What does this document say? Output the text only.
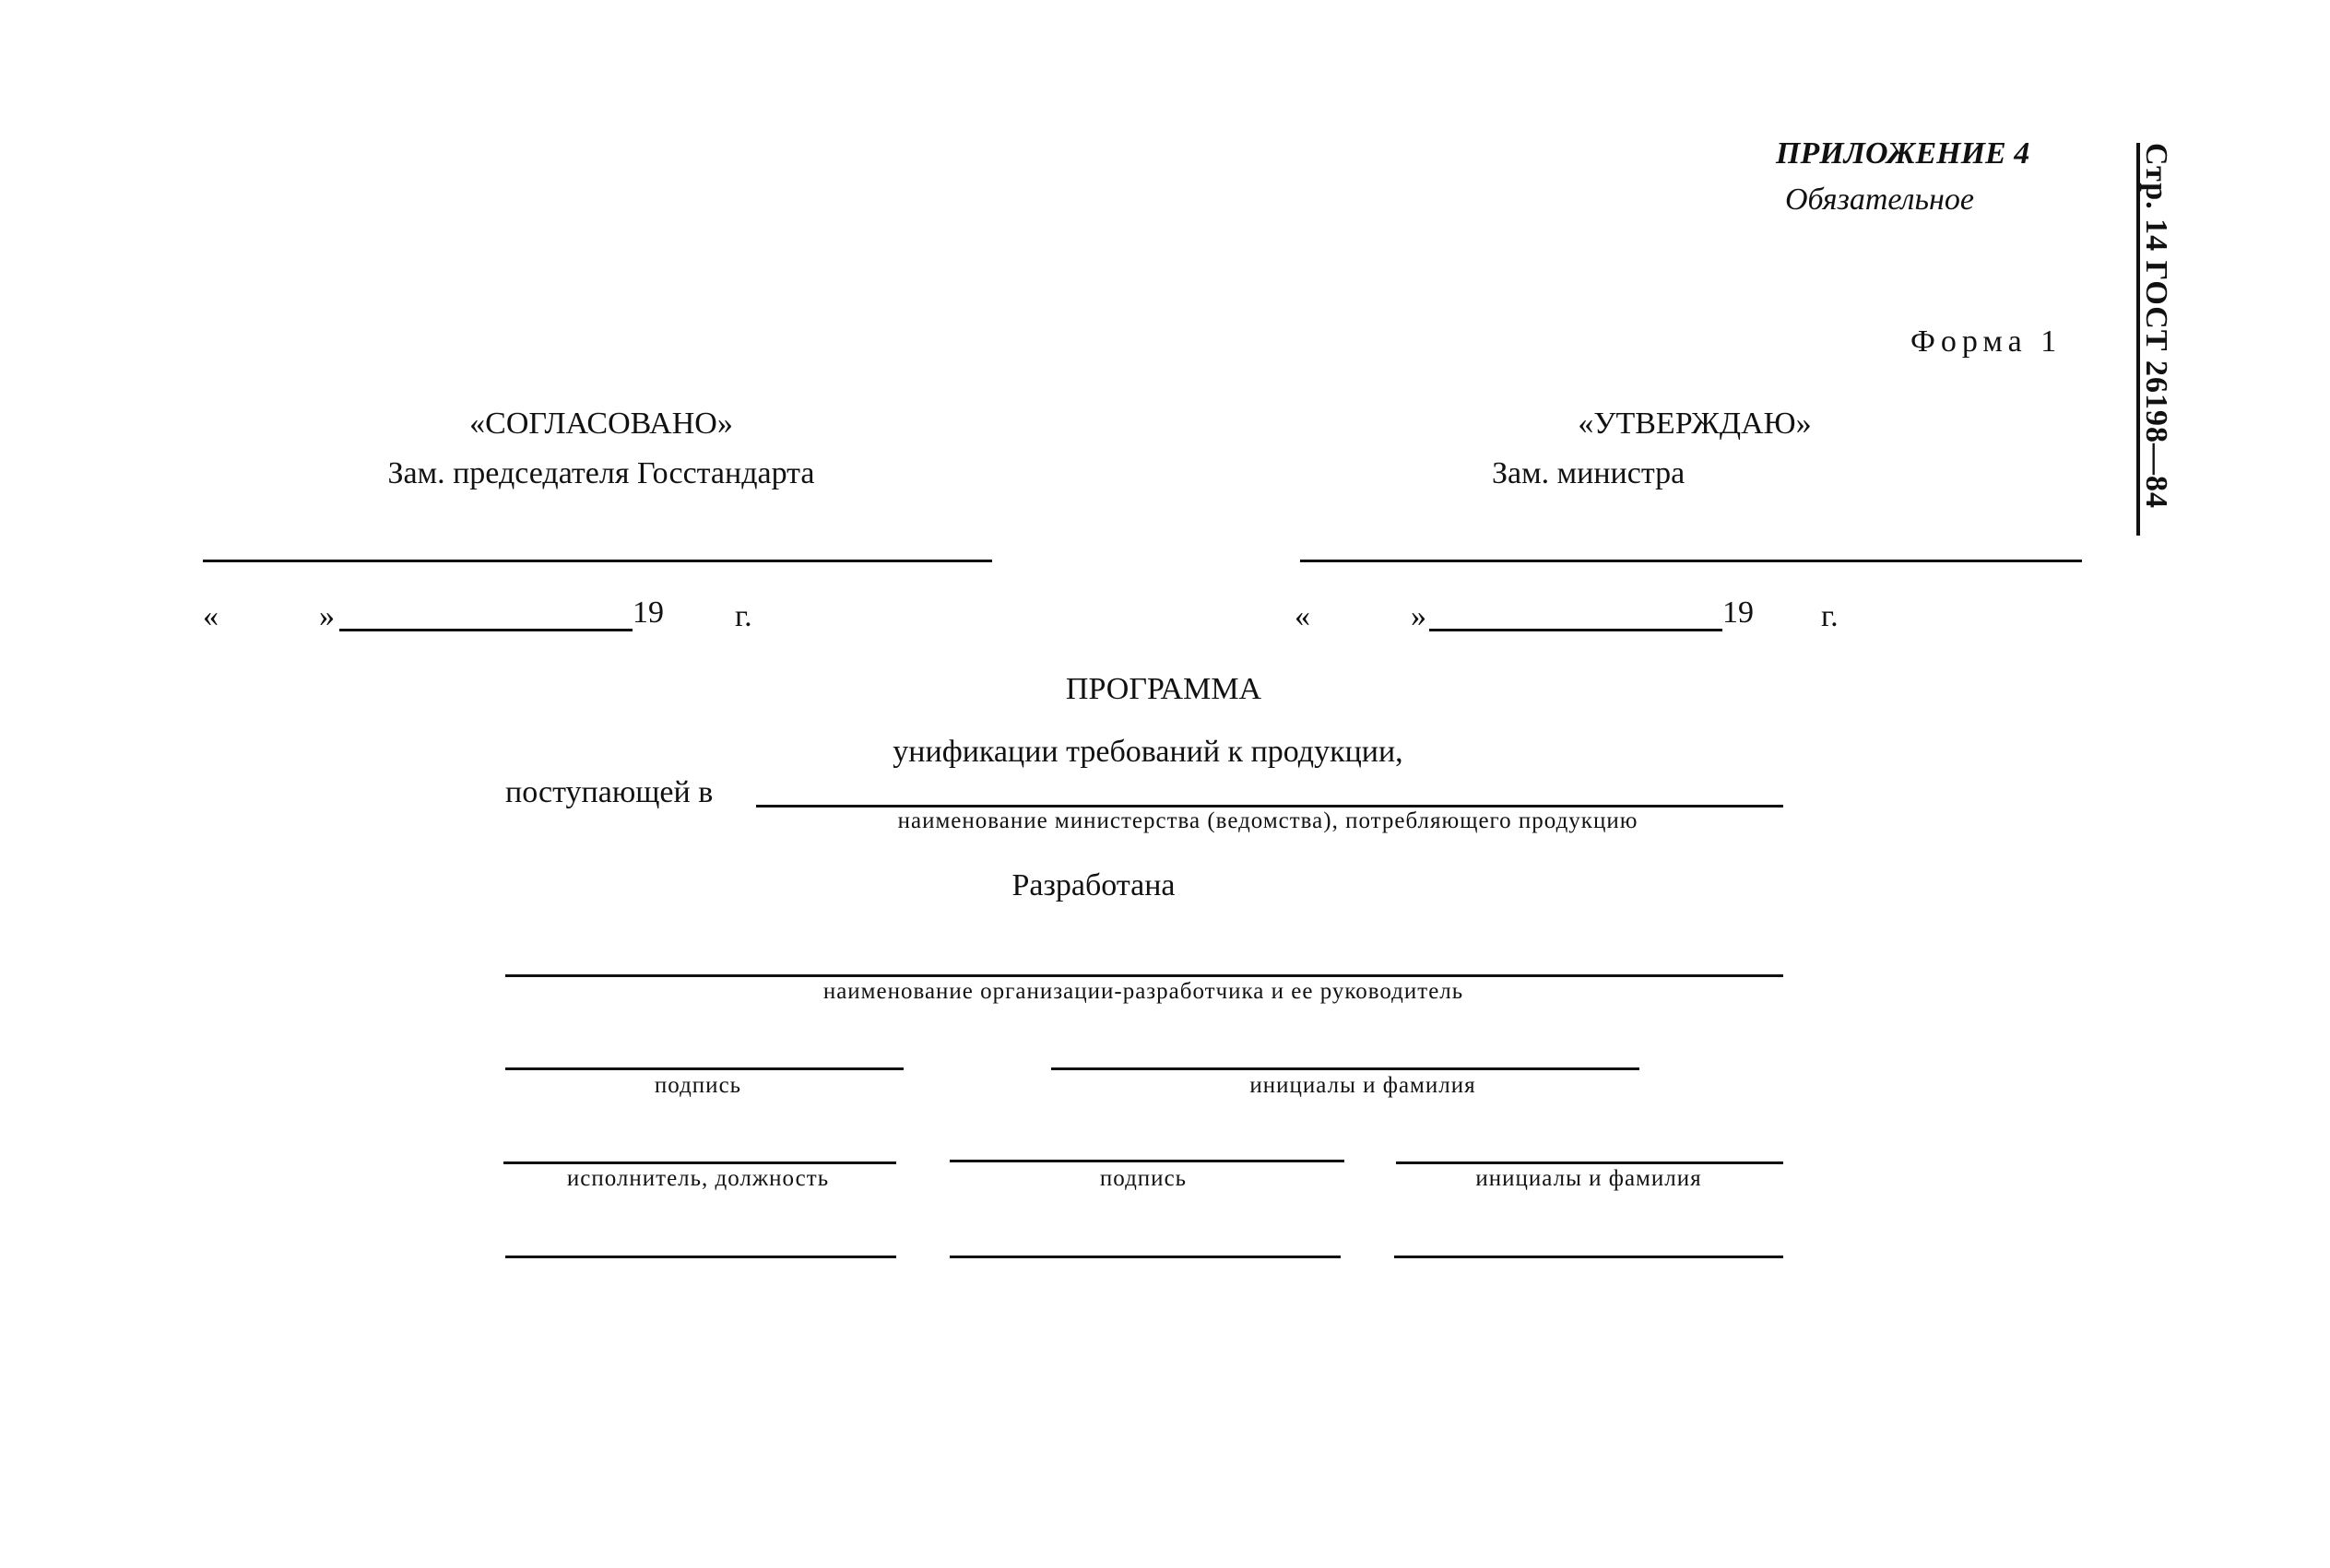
ПРИЛОЖЕНИЕ 4
Обязательное
Форма 1 Стр. 14 ГОСТ 26198—84
«СОГЛАСОВАНО»
Зам. председателя Госстандарта
«	»	19 г.
«УТВЕРЖДАЮ»
Зам. министра
«	»	19 г.
ПРОГРАММА
унификации требований к продукции,
поступающей в
наименование министерства (ведомства), потребляющего продукцию
Разработана
наименование организации-разработчика и ее руководитель
подпись	инициалы и фамилия
исполнитель, должность	подпись	инициалы и фамилия
